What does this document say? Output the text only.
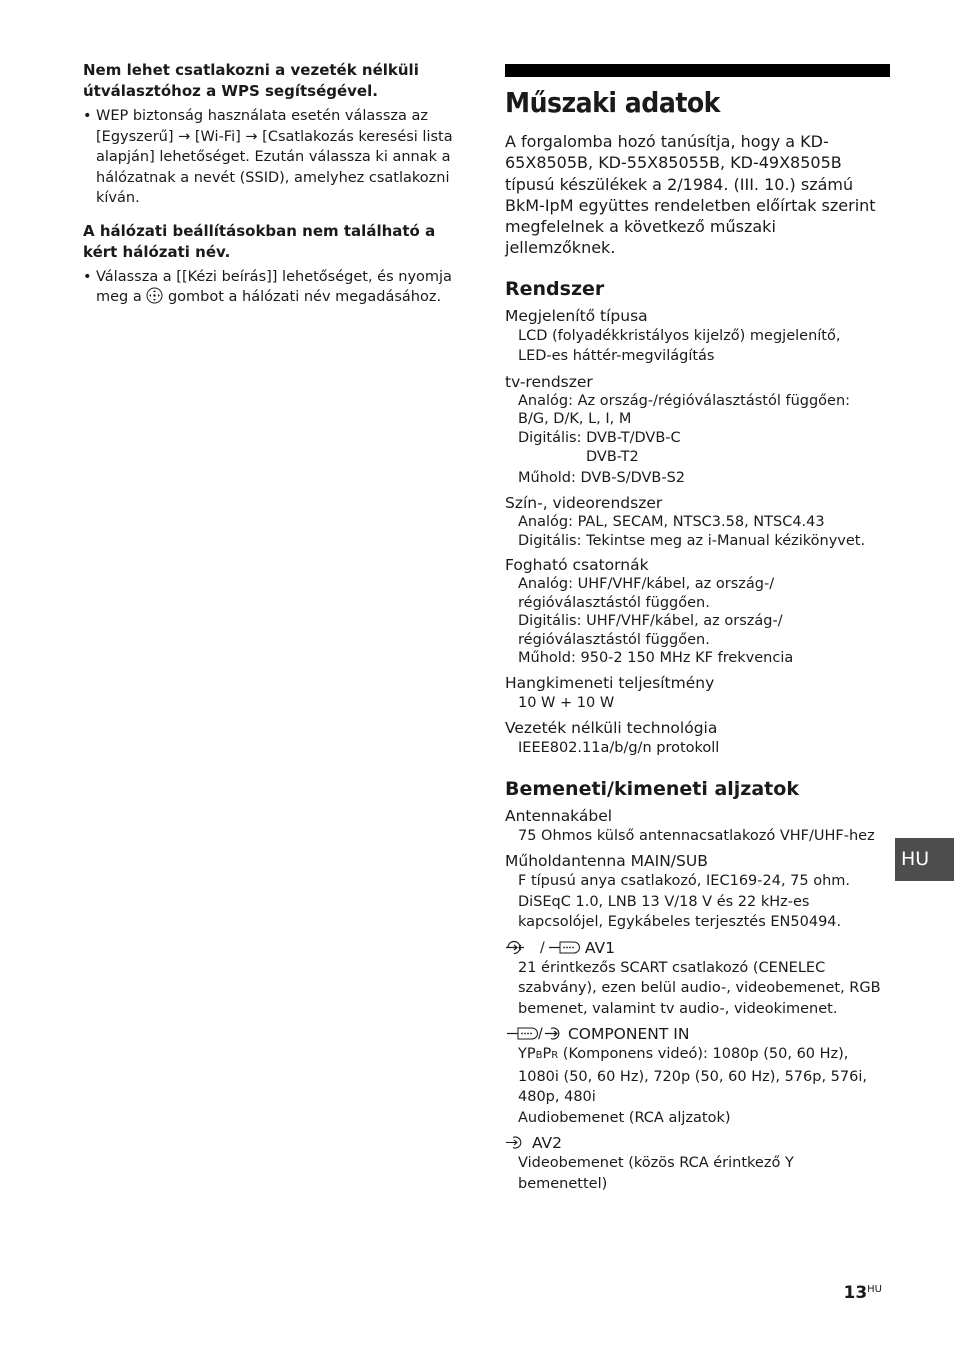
Nem lehet csatlakozni a vezeték nélküli útválasztóhoz a WPS segítségével.

• WEP biztonság használata esetén válassza az
[Egyszerű] → [Wi-Fi] → [Csatlakozás keresési lista alapján] lehetőséget. Ezután válassza ki annak a hálózatnak a nevét (SSID), amelyhez csatlakozni kíván.

A hálózati beállításokban nem található a kért hálózati név.

• Válassza a [[Kézi beírás]] lehetőséget, és nyomja meg a gombot a hálózati név megadásához.
Műszaki adatok

A forgalomba hozó tanúsítja, hogy a KD-65X8505B, KD-55X85055B, KD-49X8505B típusú készülékek a 2/1984. (III. 10.) számú BkM-IpM együttes rendeletben előírtak szerint megfelelnek a következő műszaki jellemzőknek.

Rendszer

Megjelenítő típusa

LCD (folyadékkristályos kijelző) megjelenítő,

LED-es háttér-megvilágítás

tv-rendszer

Analóg: Az ország-/régióválasztástól függően:

B/G, D/K, L, I, M

Digitális: DVB-T/DVB-C

DVB-T2

Műhold: DVB-S/DVB-S2

Szín-, videorendszer

Analóg: PAL, SECAM, NTSC3.58, NTSC4.43

Digitális: Tekintse meg az i-Manual kézikönyvet.

Fogható csatornák

Analóg: UHF/VHF/kábel, az ország-/

régióválasztástól függően.

Digitális: UHF/VHF/kábel, az ország-/

régióválasztástól függően.

Műhold: 950-2 150 MHz KF frekvencia

Hangkimeneti teljesítmény

10 W + 10 W

Vezeték nélküli technológia

IEEE802.11a/b/g/n protokoll

Bemeneti/kimeneti aljzatok

Antennakábel

75 Ohmos külső antennacsatlakozó VHF/UHF-hez

Műholdantenna MAIN/SUB

F típusú anya csatlakozó, IEC169-24, 75 ohm.

DiSEqC 1.0, LNB 13 V/18 V és 22 kHz-es

kapcsolójel, Egykábeles terjesztés EN50494.

/	AV1

21 érintkezős SCART csatlakozó (CENELEC

szabvány), ezen belül audio-, videobemenet, RGB

bemenet, valamint tv audio-, videokimenet.

/ COMPONENT IN

YPBPR (Komponens videó): 1080p (50, 60 Hz),

1080i (50, 60 Hz), 720p (50, 60 Hz), 576p, 576i,

480p, 480i

Audiobemenet (RCA aljzatok)

AV2

Videobemenet (közös RCA érintkező Y

bemenettel)

HU
$13^{HU}$
